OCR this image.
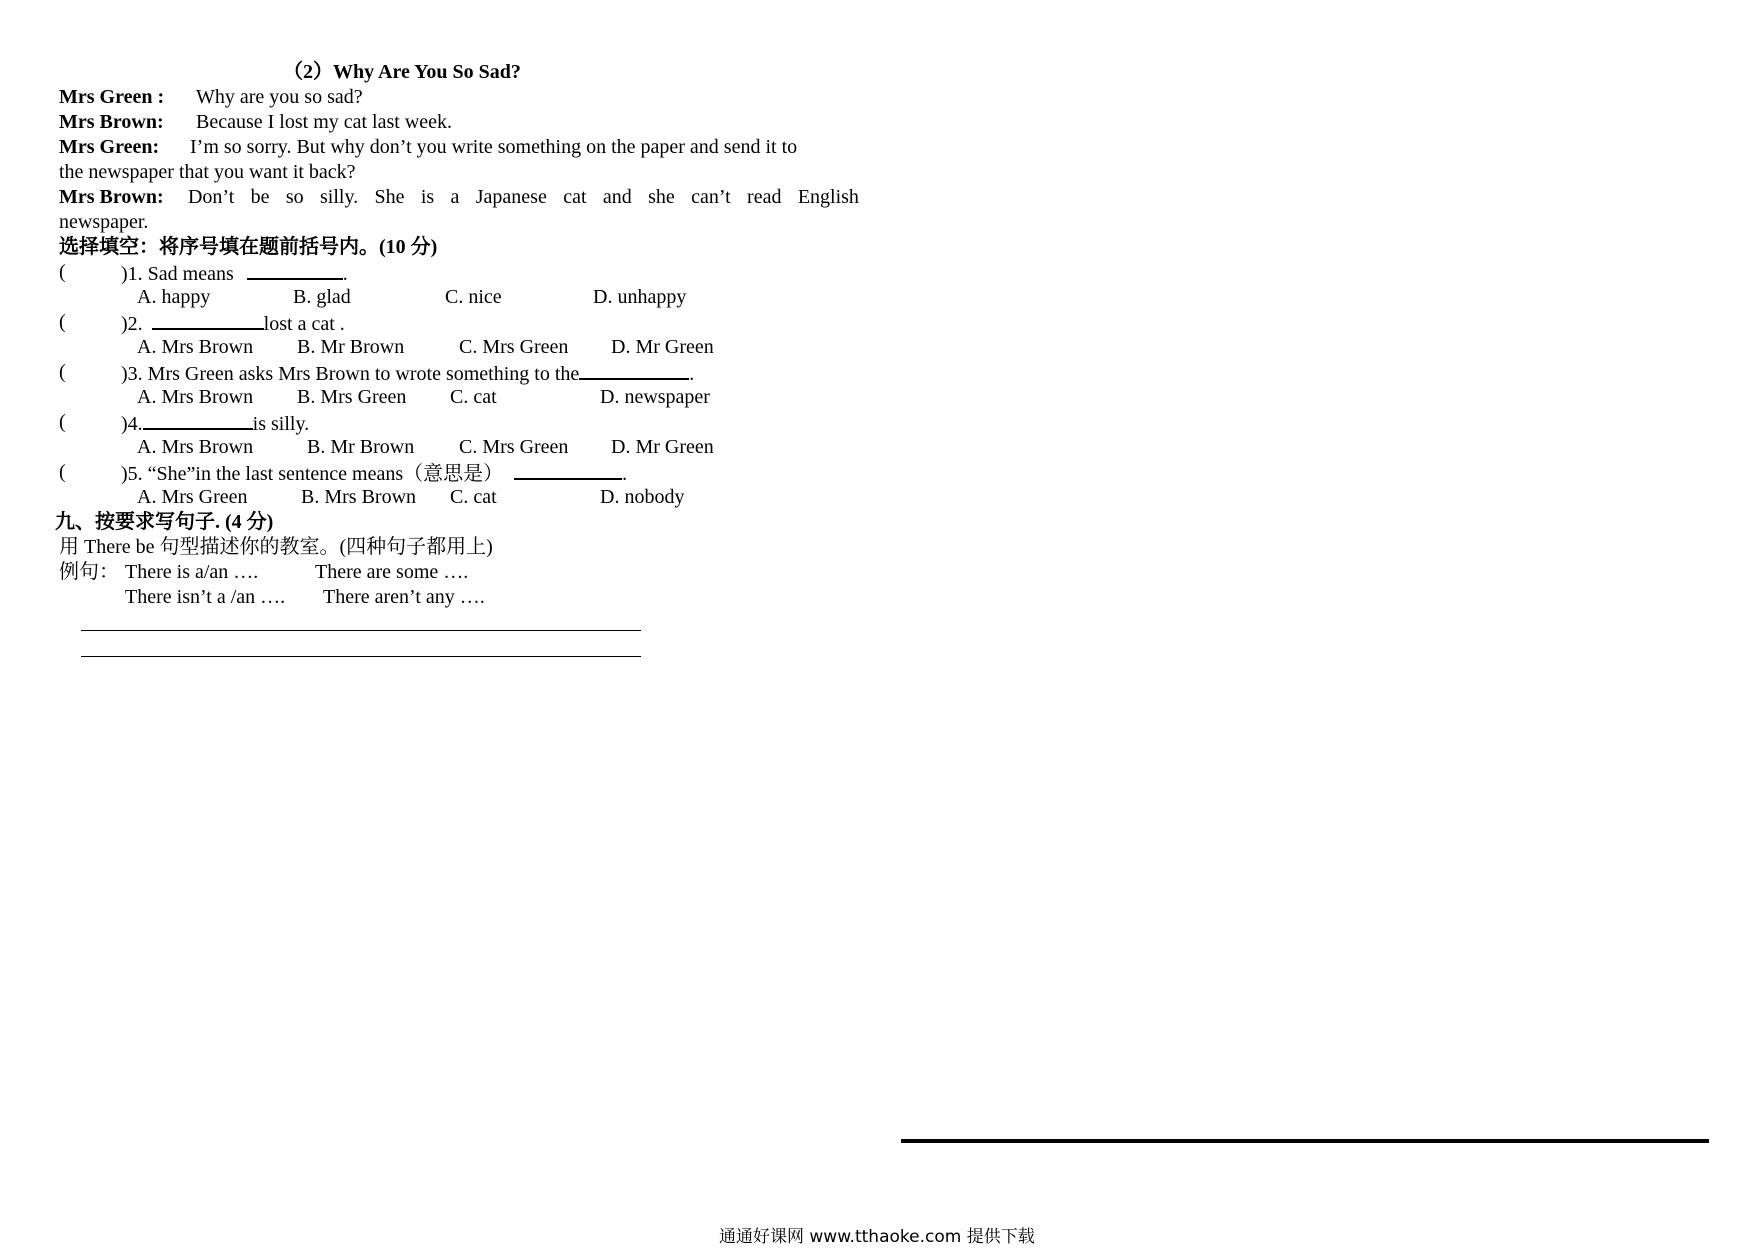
（2）Why Are You So Sad?
Mrs Green : Why are you so sad?
Mrs Brown: Because I lost my cat last week.
Mrs Green: I’m so sorry. But why don’t you write something on the paper and send it to
the newspaper that you want it back?
Mrs Brown: Don’t be so silly. She is a Japanese cat and she can’t read English
newspaper.
选择填空：将序号填在题前括号内。(10 分)
(	)1. Sad means	.
A. happy	B. glad	C. nice	D. unhappy
(	)2.	lost a cat .
A. Mrs Brown B. Mr Brown	C. Mrs Green D. Mr Green
(	)3. Mrs Green asks Mrs Brown to wrote something to the	.
A. Mrs Brown B. Mrs Green C. cat	D. newspaper
(	)4.	is silly.
A. Mrs Brown	B. Mr Brown C. Mrs Green D. Mr Green
(	)5. “She”in the last sentence means（意思是）	.
A. Mrs Green	B. Mrs Brown C. cat	D. nobody
九、按要求写句子. (4 分)
用 There be 句型描述你的教室。(四种句子都用上)
例句： There is a/an ….	There are some ….
There isn’t a /an …. There aren’t any ….
通通好课网 www.tthaoke.com 提供下载
